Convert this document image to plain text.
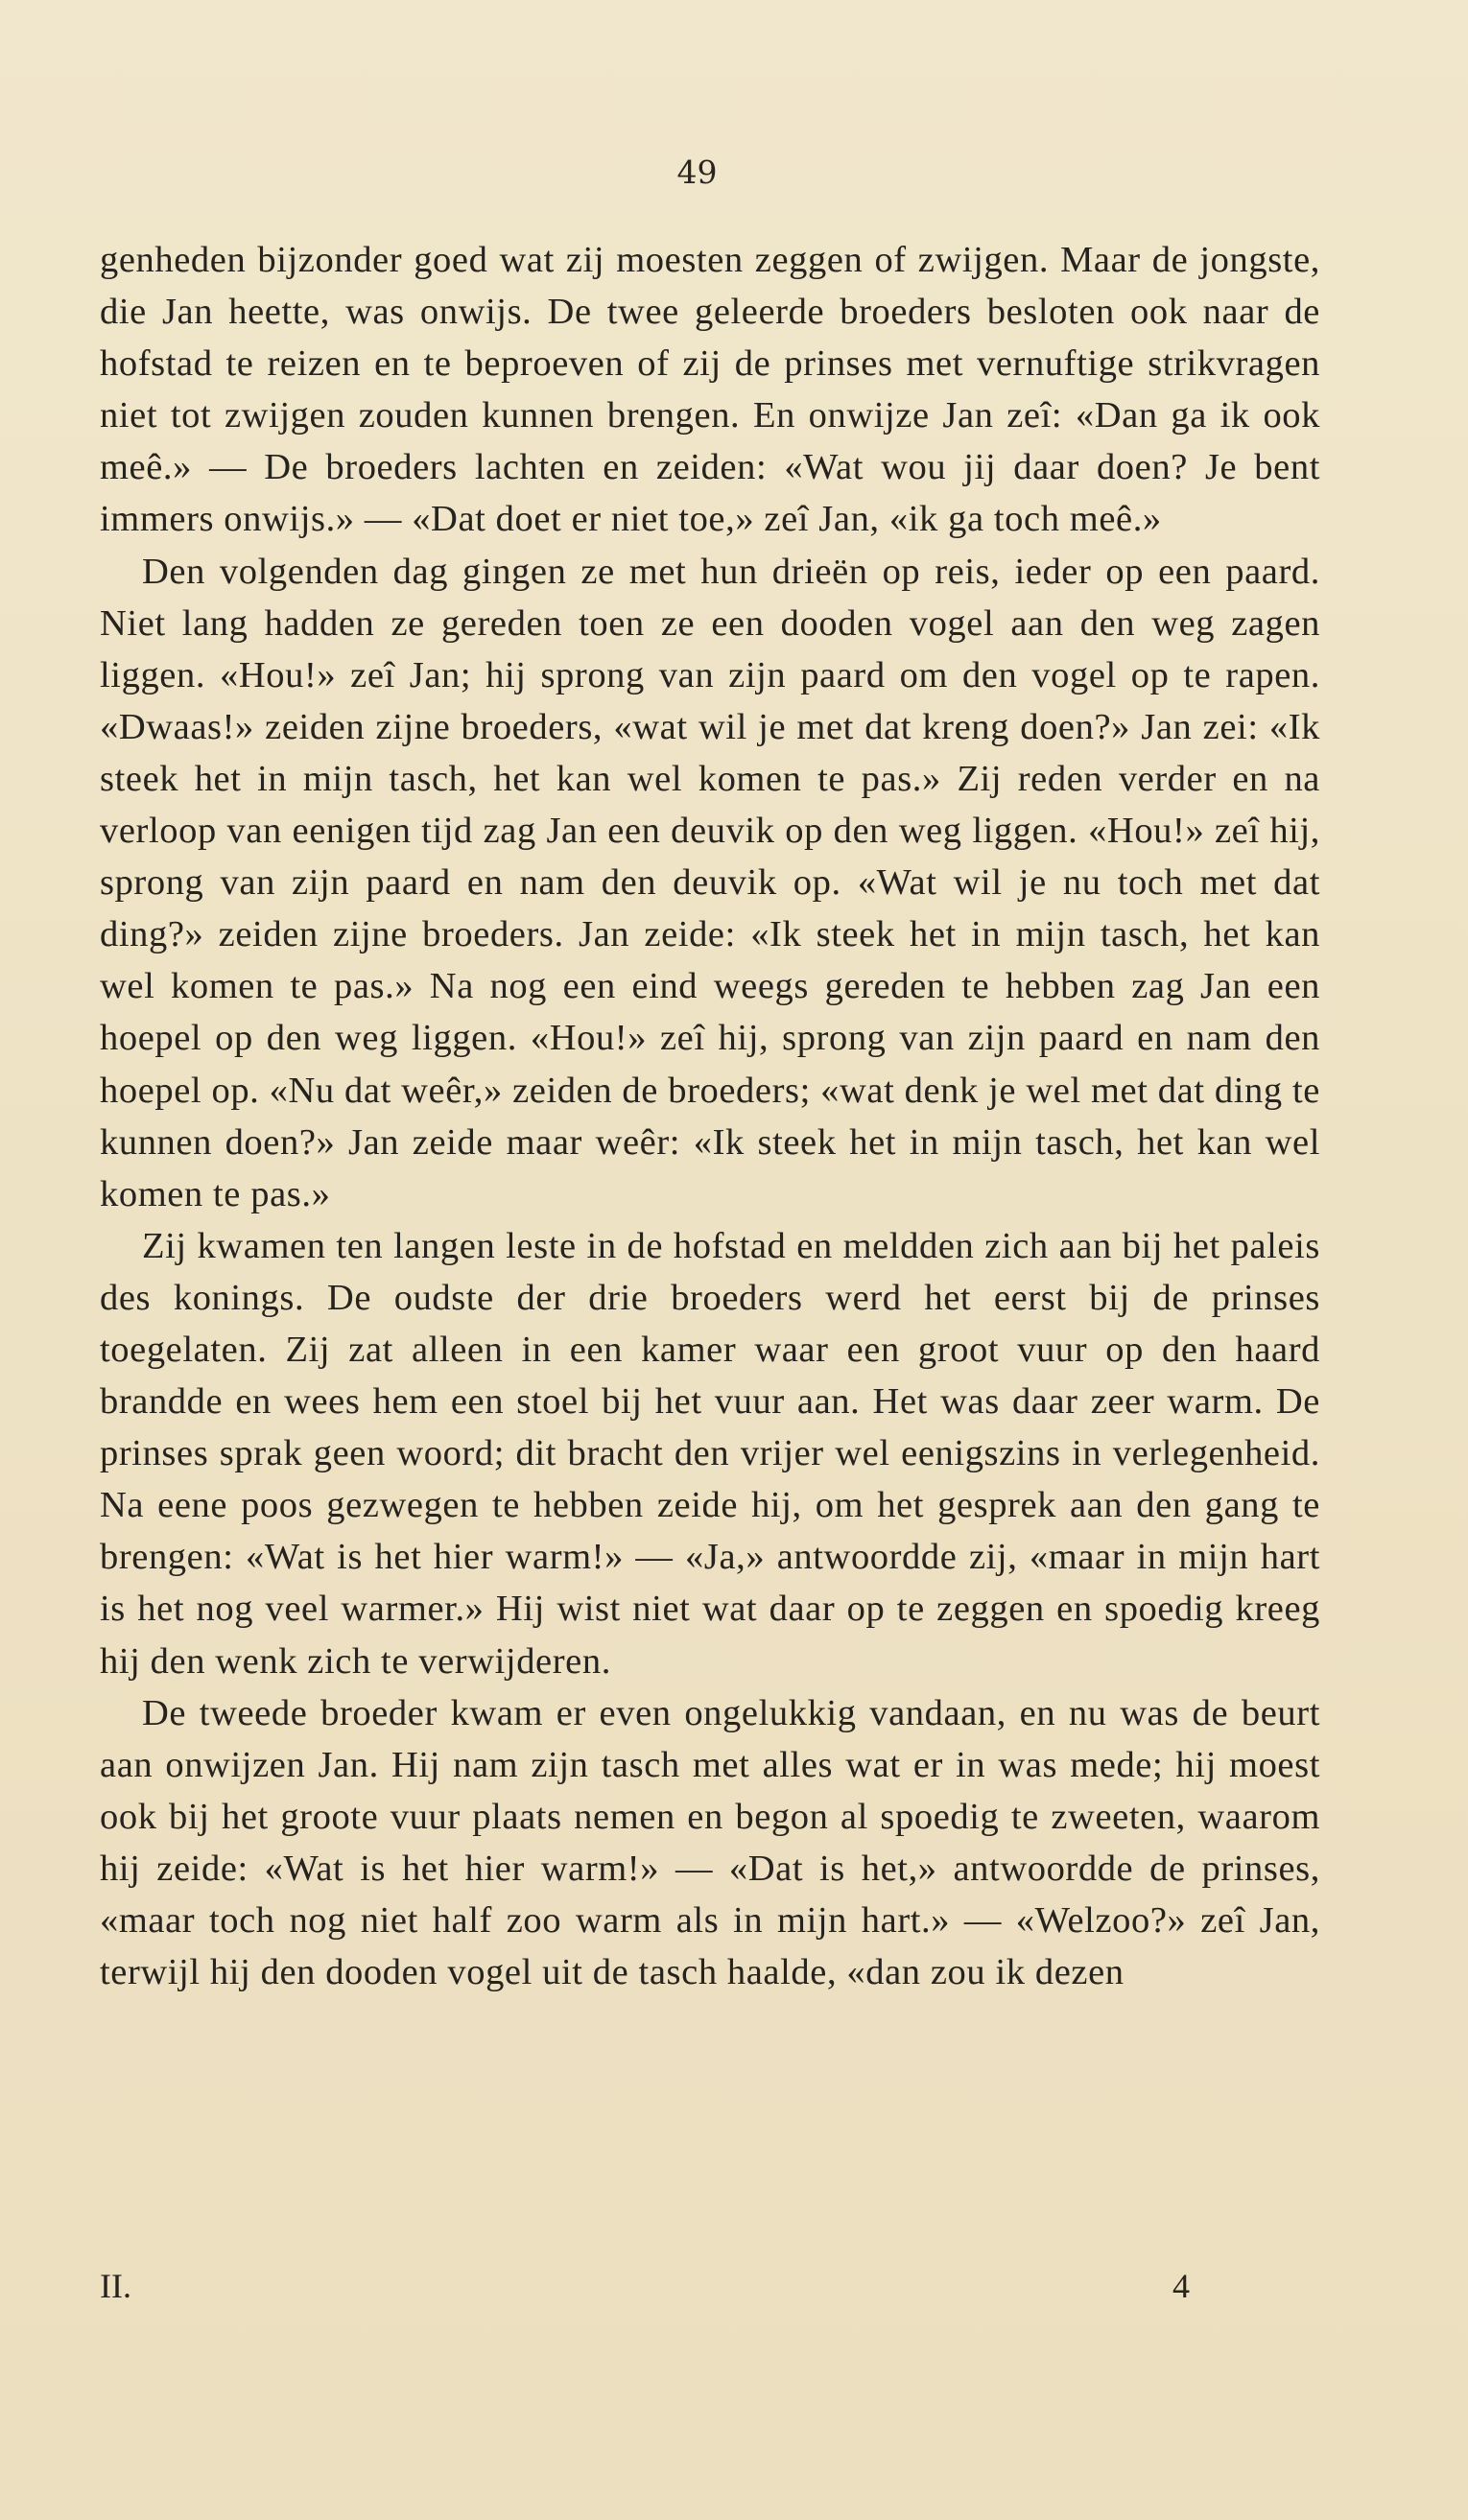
49

genheden bijzonder goed wat zij moesten zeggen of zwijgen. Maar de jongste, die Jan heette, was onwijs. De twee geleerde broeders besloten ook naar de hofstad te reizen en te beproeven of zij de prinses met vernuftige strikvragen niet tot zwijgen zouden kunnen brengen. En onwijze Jan zeî: «Dan ga ik ook meê.» — De broeders lachten en zeiden: «Wat wou jij daar doen? Je bent immers onwijs.» — «Dat doet er niet toe,» zeî Jan, «ik ga toch meê.»

Den volgenden dag gingen ze met hun drieën op reis, ieder op een paard. Niet lang hadden ze gereden toen ze een dooden vogel aan den weg zagen liggen. «Hou!» zeî Jan; hij sprong van zijn paard om den vogel op te rapen. «Dwaas!» zeiden zijne broeders, «wat wil je met dat kreng doen?» Jan zei: «Ik steek het in mijn tasch, het kan wel komen te pas.» Zij reden verder en na verloop van eenigen tijd zag Jan een deuvik op den weg liggen. «Hou!» zeî hij, sprong van zijn paard en nam den deuvik op. «Wat wil je nu toch met dat ding?» zeiden zijne broeders. Jan zeide: «Ik steek het in mijn tasch, het kan wel komen te pas.» Na nog een eind weegs gereden te hebben zag Jan een hoepel op den weg liggen. «Hou!» zeî hij, sprong van zijn paard en nam den hoepel op. «Nu dat weêr,» zeiden de broeders; «wat denk je wel met dat ding te kunnen doen?» Jan zeide maar weêr: «Ik steek het in mijn tasch, het kan wel komen te pas.»

Zij kwamen ten langen leste in de hofstad en meldden zich aan bij het paleis des konings. De oudste der drie broeders werd het eerst bij de prinses toegelaten. Zij zat alleen in een kamer waar een groot vuur op den haard brandde en wees hem een stoel bij het vuur aan. Het was daar zeer warm. De prinses sprak geen woord; dit bracht den vrijer wel eenigszins in verlegenheid. Na eene poos gezwegen te hebben zeide hij, om het gesprek aan den gang te brengen: «Wat is het hier warm!» — «Ja,» antwoordde zij, «maar in mijn hart is het nog veel warmer.» Hij wist niet wat daar op te zeggen en spoedig kreeg hij den wenk zich te verwijderen.

De tweede broeder kwam er even ongelukkig vandaan, en nu was de beurt aan onwijzen Jan. Hij nam zijn tasch met alles wat er in was mede; hij moest ook bij het groote vuur plaats nemen en begon al spoedig te zweeten, waarom hij zeide: «Wat is het hier warm!» — «Dat is het,» antwoordde de prinses, «maar toch nog niet half zoo warm als in mijn hart.» — «Welzoo?» zeî Jan, terwijl hij den dooden vogel uit de tasch haalde, «dan zou ik dezen

II.	4
